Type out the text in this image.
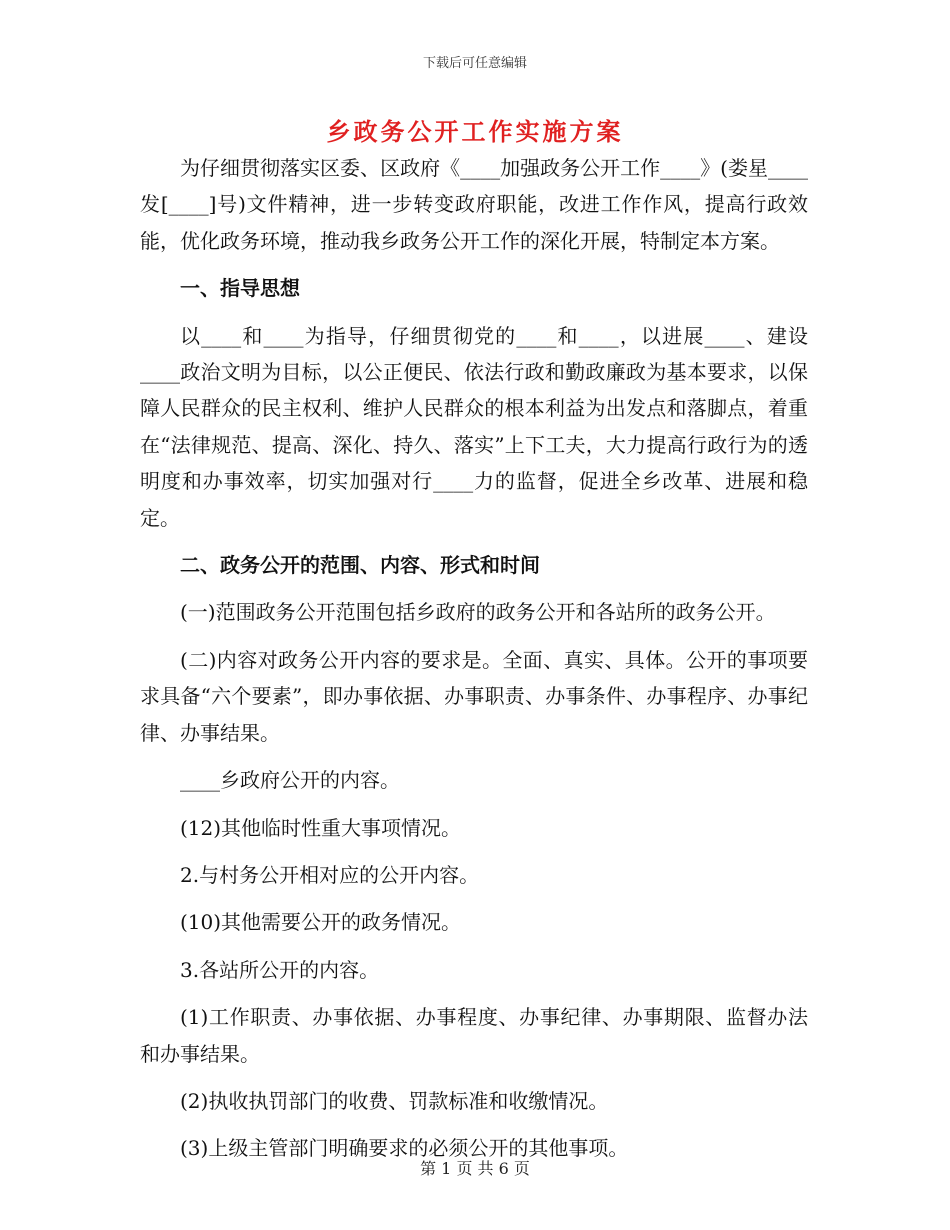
下载后可任意编辑
乡政务公开工作实施方案

为仔细贯彻落实区委、区政府《____加强政务公开工作____》(娄星____发[____]号)文件精神，进一步转变政府职能，改进工作作风，提高行政效能，优化政务环境，推动我乡政务公开工作的深化开展，特制定本方案。

一、指导思想

以____和____为指导，仔细贯彻党的____和____，以进展____、建设____政治文明为目标，以公正便民、依法行政和勤政廉政为基本要求，以保障人民群众的民主权利、维护人民群众的根本利益为出发点和落脚点，着重在“法律规范、提高、深化、持久、落实”上下工夫，大力提高行政行为的透明度和办事效率，切实加强对行____力的监督，促进全乡改革、进展和稳定。

二、政务公开的范围、内容、形式和时间

(一)范围政务公开范围包括乡政府的政务公开和各站所的政务公开。

(二)内容对政务公开内容的要求是。全面、真实、具体。公开的事项要求具备“六个要素”，即办事依据、办事职责、办事条件、办事程序、办事纪律、办事结果。

____乡政府公开的内容。

(12)其他临时性重大事项情况。

2.与村务公开相对应的公开内容。

(10)其他需要公开的政务情况。

3.各站所公开的内容。

(1)工作职责、办事依据、办事程度、办事纪律、办事期限、监督办法和办事结果。

(2)执收执罚部门的收费、罚款标准和收缴情况。

(3)上级主管部门明确要求的必须公开的其他事项。

第 1 页 共 6 页
